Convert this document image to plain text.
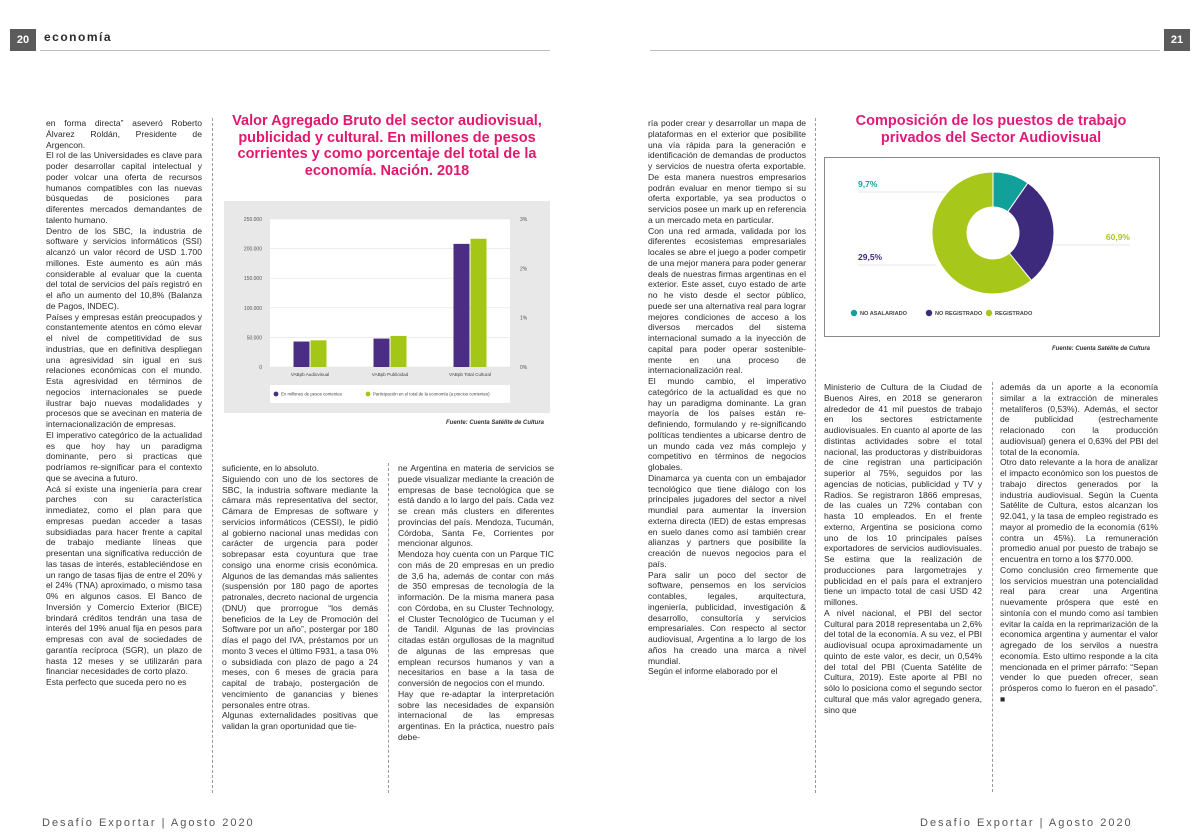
20	economía	21

en forma directa” aseveró Roberto Álvarez Roldán, Presidente de Argencon.

El rol de las Universidades es clave para poder desarrollar capital intelectual y poder volcar una oferta de recursos humanos compatibles con las nuevas búsquedas de posiciones para diferentes mercados demandantes de talento humano.

Dentro de los SBC, la industria de software y servicios informáticos (SSI) alcanzó un valor récord de USD 1.700 millones. Este aumento es aún más considerable al evaluar que la cuenta del total de servicios del país registró en el año un aumento del 10,8% (Balanza de Pagos, INDEC).

Países y empresas están preocupados y constantemente atentos en cómo elevar el nivel de competitividad de sus industrias, que en definitiva despliegan una agresividad sin igual en sus relaciones económicas con el mundo. Esta agresividad en términos de negocios internacionales se puede ilustrar bajo nuevas modalidades y procesos que se avecinan en materia de internacionalización de empresas.

El imperativo categórico de la actualidad es que hoy hay un paradigma dominante, pero si practicas que podríamos re-significar para el contexto que se avecina a futuro.

Acá sí existe una ingeniería para crear parches con su característica inmediatez, como el plan para que empresas puedan acceder a tasas subsidiadas para hacer frente a capital de trabajo mediante líneas que presentan una significativa reducción de las tasas de interés, estableciéndose en un rango de tasas fijas de entre el 20% y el 24% (TNA) aproximado, o mismo tasa 0% en algunos casos. El Banco de Inversión y Comercio Exterior (BICE) brindará créditos tendrán una tasa de interés del 19% anual fija en pesos para empresas con aval de sociedades de garantía recíproca (SGR), un plazo de hasta 12 meses y se utilizarán para financiar necesidades de corto plazo.

Esta perfecto que suceda pero no es

Valor Agregado Bruto del sector audiovisual, publicidad y cultural. En millones de pesos corrientes y como porcentaje del total de la economía. Nación. 2018
0
50.000
100.000
150.000
200.000
250.000
0%
1%
2%
3%
VABpb Audiovisual	VABpb Publicidad	VABpb Total Cultural
En millones de pesos corrientes	Participación en el total de la economía (a precios corrientes)
Fuente: Cuenta Satélite de Cultura

suficiente, en lo absoluto.

Siguiendo con uno de los sectores de SBC, la industria software mediante la cámara más representativa del sector, Cámara de Empresas de software y servicios informáticos (CESSI), le pidió al gobierno nacional unas medidas con carácter de urgencia para poder sobrepasar esta coyuntura que trae consigo una enorme crisis económica. Algunos de las demandas más salientes (suspensión por 180 pago de aportes patronales, decreto nacional de urgencia (DNU) que prorrogue “los demás beneficios de la Ley de Promoción del Software por un año”, postergar por 180 días el pago del IVA, préstamos por un monto 3 veces el último F931, a tasa 0% o subsidiada con plazo de pago a 24 meses, con 6 meses de gracia para capital de trabajo, postergación de vencimiento de ganancias y bienes personales entre otras.

Algunas externalidades positivas que validan la gran oportunidad que tie-

ne Argentina en materia de servicios se puede visualizar mediante la creación de empresas de base tecnológica que se está dando a lo largo del país. Cada vez se crean más clusters en diferentes provincias del país. Mendoza, Tucumán, Córdoba, Santa Fe, Corrientes por mencionar algunos.

Mendoza hoy cuenta con un Parque TIC con más de 20 empresas en un predio de 3,6 ha, además de contar con más de 350 empresas de tecnología de la información. De la misma manera pasa con Córdoba, en su Cluster Technology, el Cluster Tecnológico de Tucuman y el de Tandil. Algunas de las provincias citadas están orgullosas de la magnitud de algunas de las empresas que emplean recursos humanos y van a necesitarios en base a la tasa de conversión de negocios con el mundo.

Hay que re-adaptar la interpretación sobre las necesidades de expansión internacional de las empresas argentinas. En la práctica, nuestro país debe-

ría poder crear y desarrollar un mapa de plataformas en el exterior que posibilite una vía rápida para la generación e identificación de demandas de productos y servicios de nuestra oferta exportable. De esta manera nuestros empresarios podrán evaluar en menor tiempo si su oferta exportable, ya sea productos o servicios posee un mark up en referencia a un mercado meta en particular.

Con una red armada, validada por los diferentes ecosistemas empresariales locales se abre el juego a poder competir de una mejor manera para poder generar deals de nuestras firmas argentinas en el exterior. Este asset, cuyo estado de arte no he visto desde el sector público, puede ser una alternativa real para lograr mejores condiciones de acceso a los diversos mercados del sistema internacional sumado a la inyección de capital para poder operar sosteniblemente en una proceso de internacionalización real.

El mundo cambio, el imperativo categórico de la actualidad es que no hay un paradigma dominante. La gran mayoría de los países están re-definiendo, formulando y re-significando políticas tendientes a ubicarse dentro de un mundo cada vez más complejo y competitivo en términos de negocios globales.

Dinamarca ya cuenta con un embajador tecnológico que tiene diálogo con los principales jugadores del sector a nivel mundial para aumentar la inversion externa directa (IED) de estas empresas en suelo danes como así también crear alianzas y partners que posibilite la creación de nuevos negocios para el país.

Para salir un poco del sector de software, pensemos en los servicios contables, legales, arquitectura, ingeniería, publicidad, investigación & desarrollo, consultoría y servicios empresariales. Con respecto al sector audiovisual, Argentina a lo largo de los años ha creado una marca a nivel mundial.

Según el informe elaborado por el

Composición de los puestos de trabajo privados del Sector Audiovisual
9,7%
29,5%
60,9%
NO ASALARIADO	NO REGISTRADO REGISTRADO
Fuente: Cuenta Satélite de Cultura

Ministerio de Cultura de la Ciudad de Buenos Aires, en 2018 se generaron alrededor de 41 mil puestos de trabajo en los sectores estrictamente audiovisuales. En cuanto al aporte de las distintas actividades sobre el total nacional, las productoras y distribuidoras de cine registran una participación superior al 75%, seguidos por las agencias de noticias, publicidad y TV y Radios. Se registraron 1866 empresas, de las cuales un 72% contaban con hasta 10 empleados. En el frente externo, Argentina se posiciona como uno de los 10 principales países exportadores de servicios audiovisuales. Se estima que la realización de producciones para largometrajes y publicidad en el país para el extranjero tiene un impacto total de casi USD 42 millones.

A nivel nacional, el PBI del sector Cultural para 2018 representaba un 2,6% del total de la economía. A su vez, el PBI audiovisual ocupa aproximadamente un quinto de este valor, es decir, un 0,54% del total del PBI (Cuenta Satélite de Cultura, 2019). Este aporte al PBI no sólo lo posiciona como el segundo sector cultural que más valor agregado genera, sino que

además da un aporte a la economía similar a la extracción de minerales metalíferos (0,53%). Además, el sector de publicidad (estrechamente relacionado con la producción audiovisual) genera el 0,63% del PBI del total de la economía.

Otro dato relevante a la hora de analizar el impacto económico son los puestos de trabajo directos generados por la industria audiovisual. Según la Cuenta Satélite de Cultura, estos alcanzan los 92.041, y la tasa de empleo registrado es mayor al promedio de la economía (61% contra un 45%). La remuneración promedio anual por puesto de trabajo se encuentra en torno a los $770.000.

Como conclusión creo firmemente que los servicios muestran una potencialidad real para crear una Argentina nuevamente próspera que esté en sintonía con el mundo como así tambien evitar la caída en la reprimarización de la economica argentina y aumentar el valor agregado de los servilos a nuestra economía. Esto ultimo responde a la cita mencionada en el primer párrafo: “Sepan vender lo que pueden ofrecer, sean prósperos como lo fueron en el pasado”. ■

Desafío Exportar | Agosto 2020	Desafío Exportar | Agosto 2020
